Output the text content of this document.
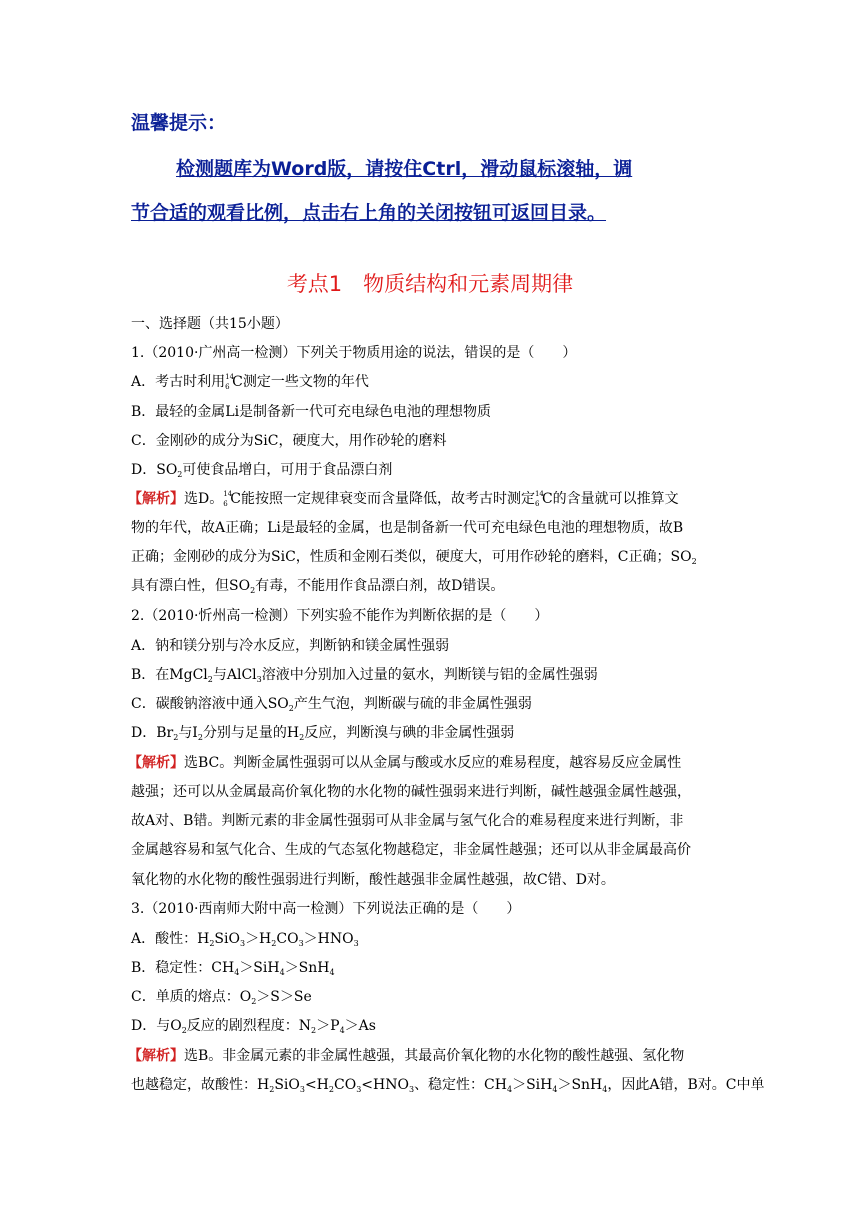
温馨提示：
检测题库为Word版，请按住Ctrl，滑动鼠标滚轴，调
节合适的观看比例，点击右上角的关闭按钮可返回目录。
考点1　物质结构和元素周期律
一、选择题（共15小题）
1.（2010·广州高一检测）下列关于物质用途的说法，错误的是（　　）
A．考古时利用 14
6 C测定一些文物的年代
B．最轻的金属Li是制备新一代可充电绿色电池的理想物质
C．金刚砂的成分为SiC，硬度大，用作砂轮的磨料
D．$SO_2$可使食品增白，可用于食品漂白剂
【解析】选D。 14
6 C能按照一定规律衰变而含量降低，故考古时测定 14
6 C的含量就可以推算文
物的年代，故A正确；Li是最轻的金属，也是制备新一代可充电绿色电池的理想物质，故B
正确；金刚砂的成分为SiC，性质和金刚石类似，硬度大，可用作砂轮的磨料，C正确；$SO_2$
具有漂白性，但$SO_2$有毒，不能用作食品漂白剂，故D错误。
2.（2010·忻州高一检测）下列实验不能作为判断依据的是（　　）
A．钠和镁分别与冷水反应，判断钠和镁金属性强弱
B．在MgCl$_2$与AlCl$_3$溶液中分别加入过量的氨水，判断镁与铝的金属性强弱
C．碳酸钠溶液中通入$SO_2$产生气泡，判断碳与硫的非金属性强弱
D．$Br_2$与$I_2$分别与足量的$H_2$反应，判断溴与碘的非金属性强弱
【解析】选BC。判断金属性强弱可以从金属与酸或水反应的难易程度，越容易反应金属性
越强；还可以从金属最高价氧化物的水化物的碱性强弱来进行判断，碱性越强金属性越强，
故A对、B错。判断元素的非金属性强弱可从非金属与氢气化合的难易程度来进行判断，非
金属越容易和氢气化合、生成的气态氢化物越稳定，非金属性越强；还可以从非金属最高价
氧化物的水化物的酸性强弱进行判断，酸性越强非金属性越强，故C错、D对。
3.（2010·西南师大附中高一检测）下列说法正确的是（　　）
A．酸性：$H_2SiO_3>H_2CO_3>HNO_3$
B．稳定性：$CH_4>SiH_4>SnH_4$
C．单质的熔点：$O_2>S>Se$
D．与$O_2$反应的剧烈程度：$N_2>P_4>As$
【解析】选B。非金属元素的非金属性越强，其最高价氧化物的水化物的酸性越强、氢化物
也越稳定，故酸性：$H_2SiO_3<H_2CO_3<HNO_3$、稳定性：$CH_4>SiH_4>SnH_4$，因此A错，B对。C中单
